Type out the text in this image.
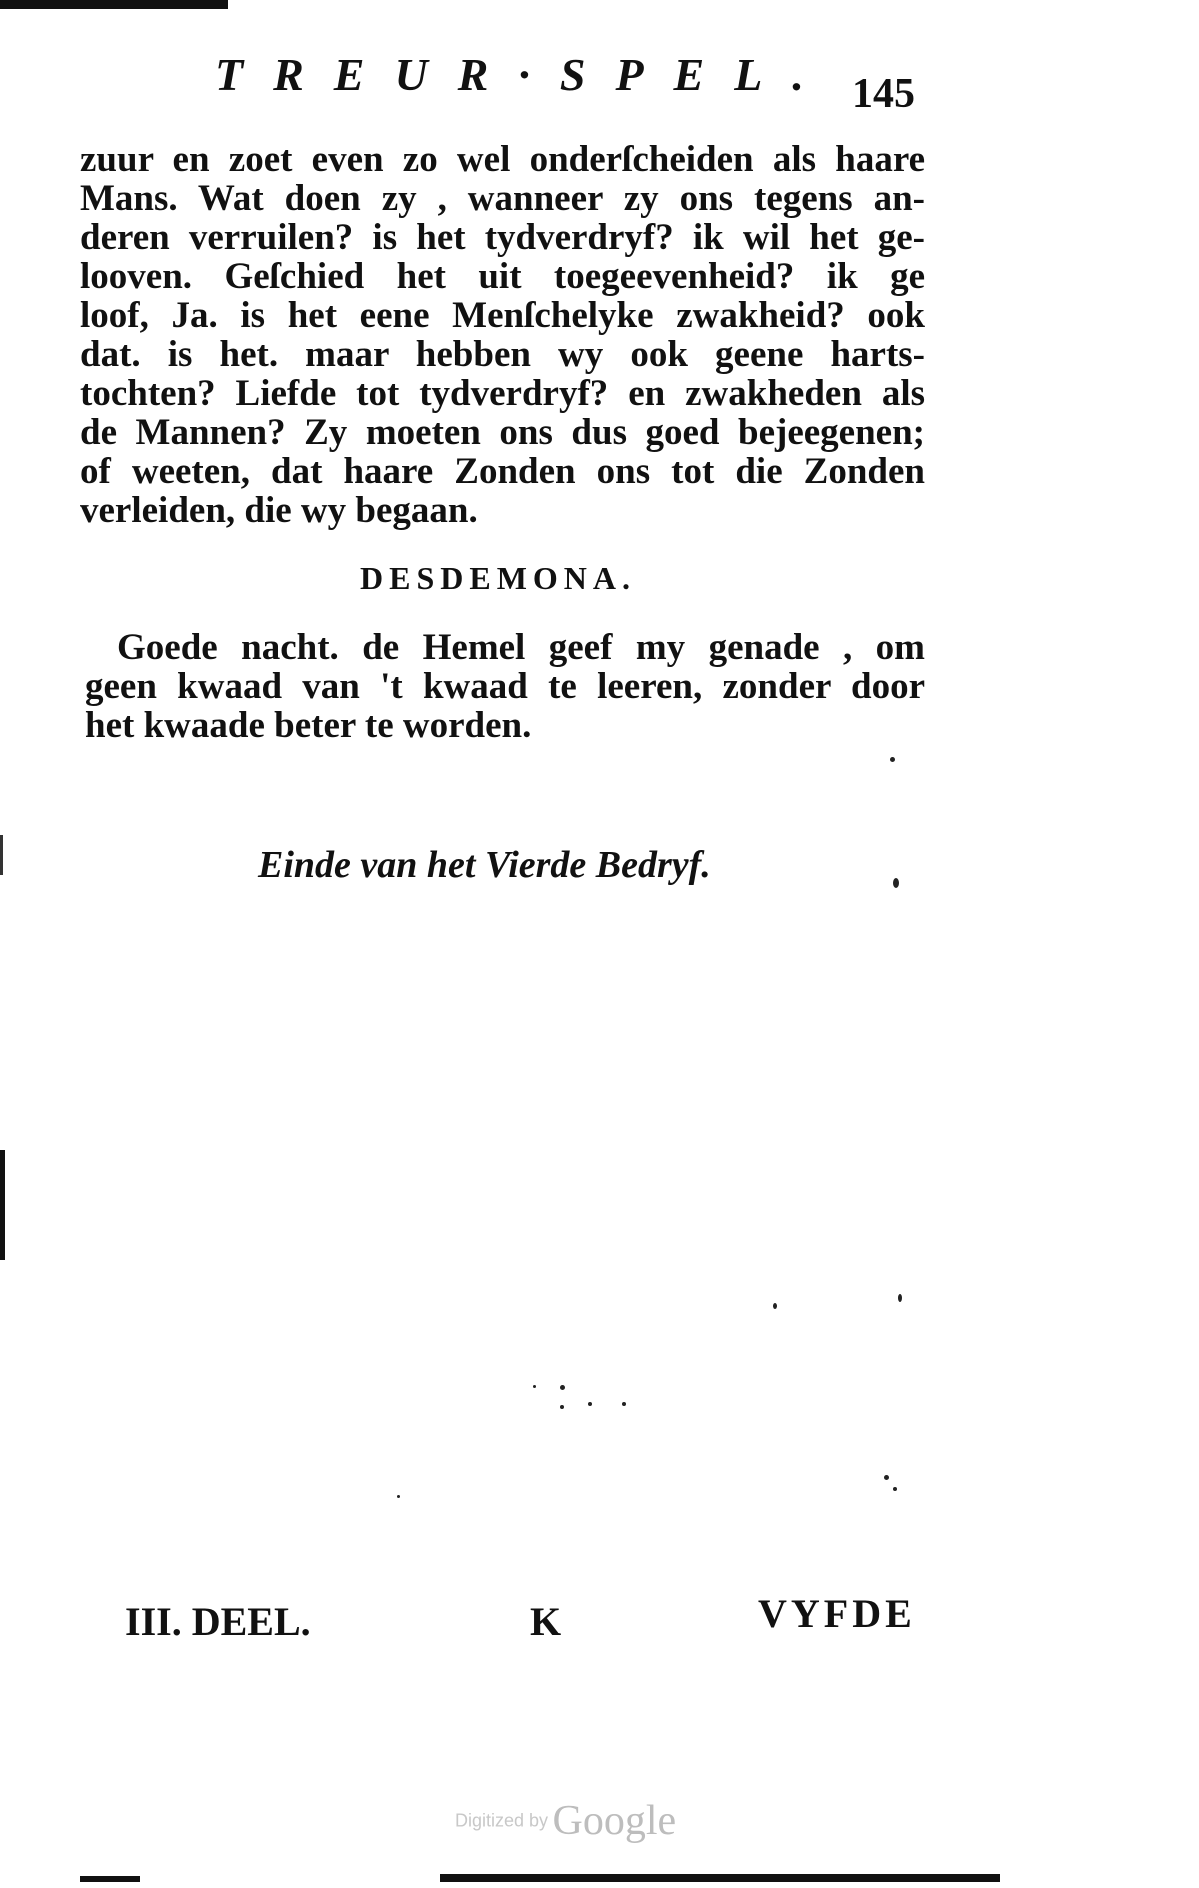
TREUR·SPEL. 145
zuur en zoet even zo wel onderſcheiden als haare
Mans. Wat doen zy , wanneer zy ons tegens an-
deren verruilen? is het tydverdryf? ik wil het ge-
looven. Geſchied het uit toegeevenheid? ik ge
loof, Ja. is het eene Menſchelyke zwakheid? ook
dat. is het. maar hebben wy ook geene harts-
tochten? Liefde tot tydverdryf? en zwakheden als
de Mannen? Zy moeten ons dus goed bejeegenen;
of weeten, dat haare Zonden ons tot die Zonden
verleiden, die wy begaan.
DESDEMONA.
Goede nacht. de Hemel geef my genade , om
geen kwaad van 't kwaad te leeren, zonder door
het kwaade beter te worden.
Einde van het Vierde Bedryf.
III. DEEL.	K	VYFDE
Digitized by Google
